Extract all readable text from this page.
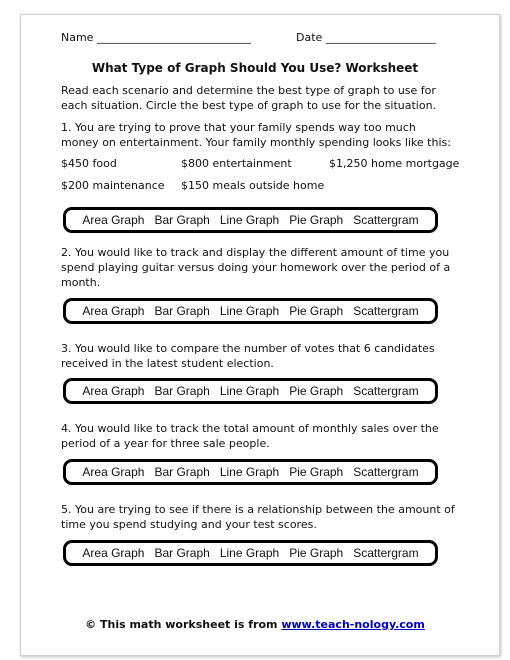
Name ____________________________	Date ____________________
What Type of Graph Should You Use? Worksheet

Read each scenario and determine the best type of graph to use for each situation. Circle the best type of graph to use for the situation.

1. You are trying to prove that your family spends way too much money on entertainment. Your family monthly spending looks like this:

$450 food	$800 entertainment	$1,250 home mortgage
$200 maintenance $150 meals outside home
Area Graph Bar Graph Line Graph Pie Graph Scattergram

2. You would like to track and display the different amount of time you spend playing guitar versus doing your homework over the period of a month.

Area Graph Bar Graph Line Graph Pie Graph Scattergram

3. You would like to compare the number of votes that 6 candidates received in the latest student election.

Area Graph Bar Graph Line Graph Pie Graph Scattergram

4. You would like to track the total amount of monthly sales over the period of a year for three sale people.

Area Graph Bar Graph Line Graph Pie Graph Scattergram

5. You are trying to see if there is a relationship between the amount of time you spend studying and your test scores.

Area Graph Bar Graph Line Graph Pie Graph Scattergram
© This math worksheet is from www.teach-nology.com
